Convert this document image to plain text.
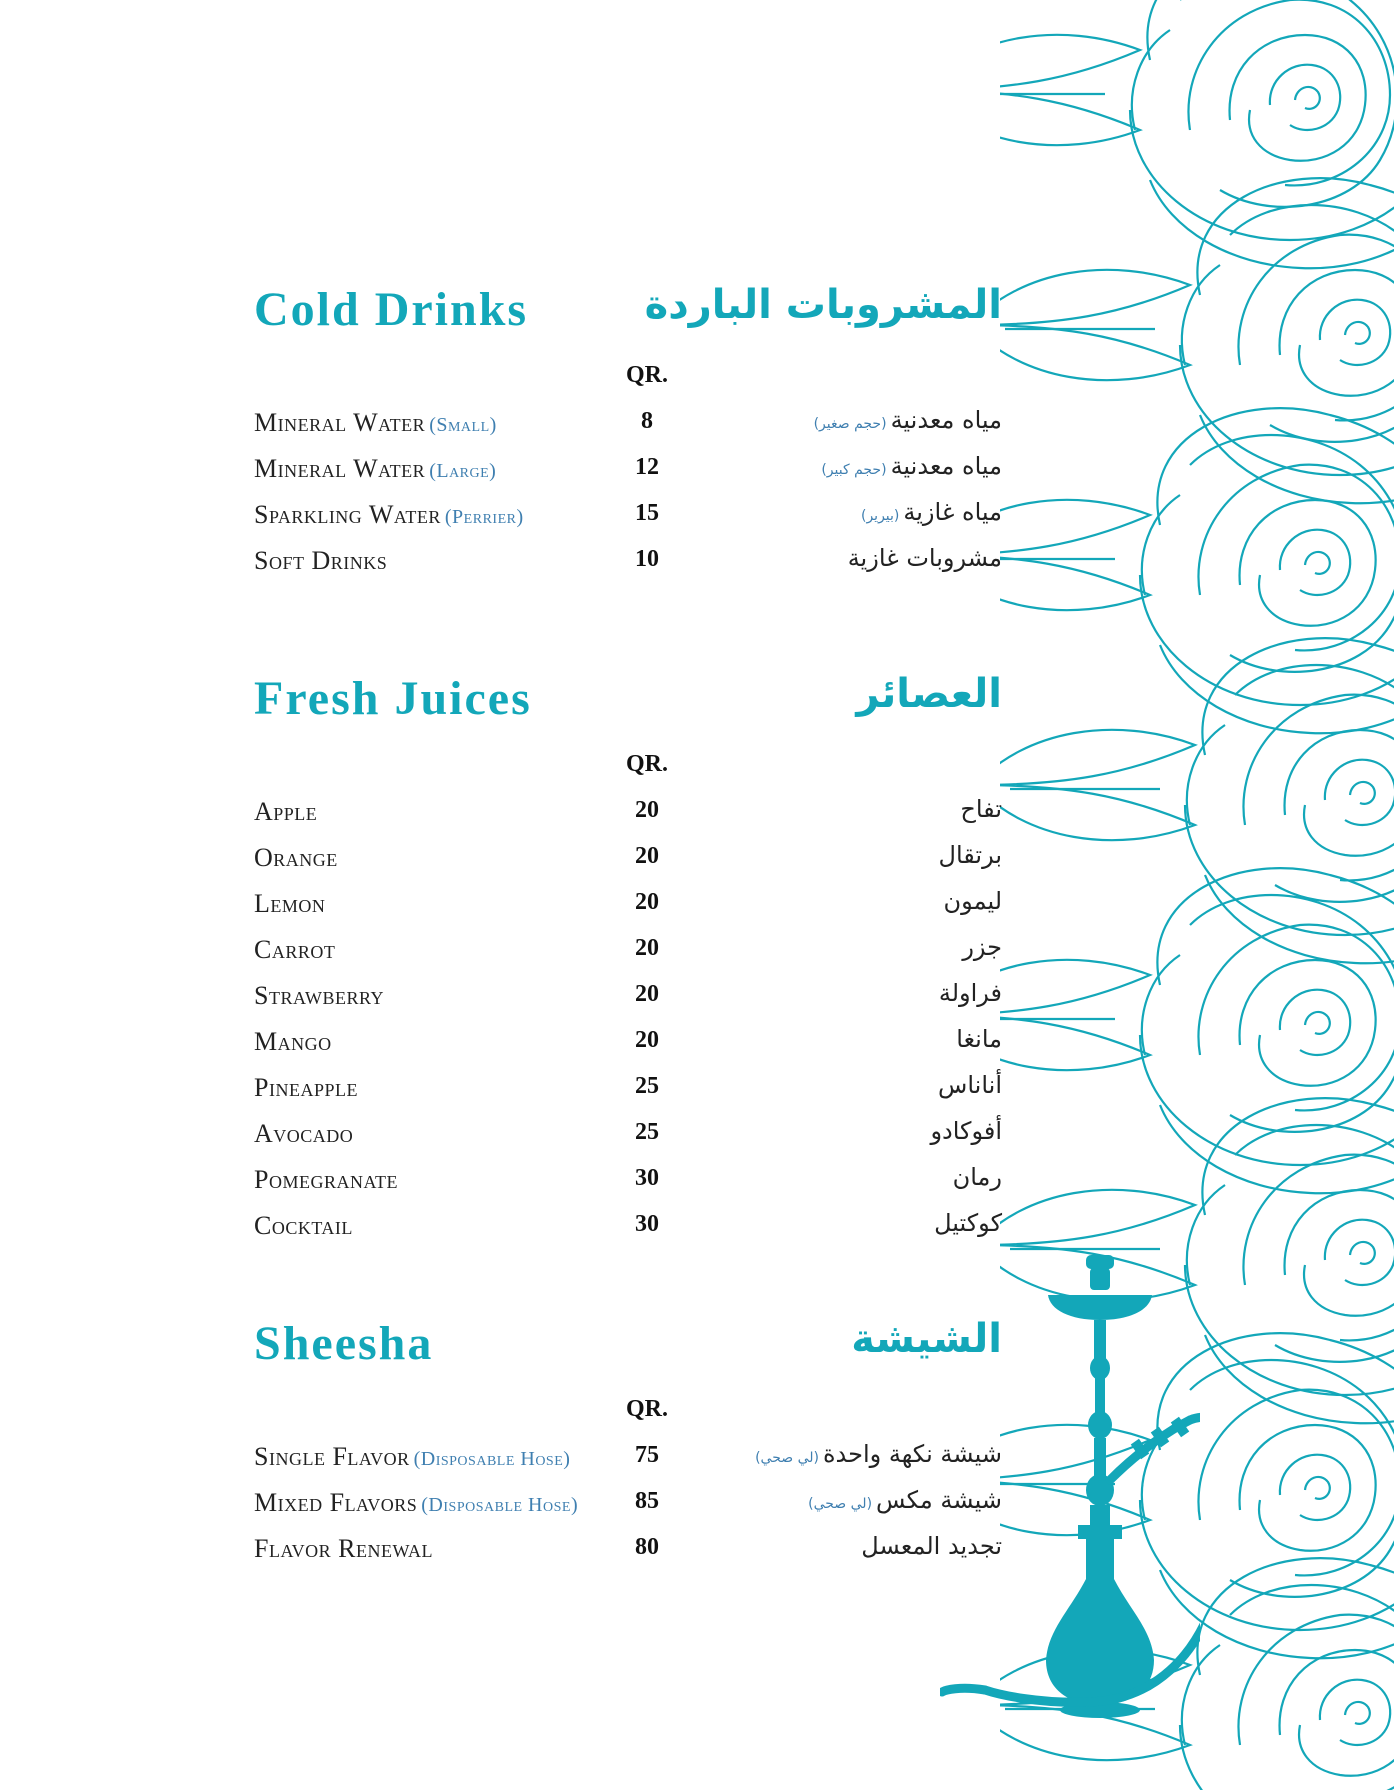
Cold Drinks	المشروبات الباردة
QR.
Mineral Water (Small)	8	مياه معدنية(حجم صغير)
Mineral Water (Large)	12	مياه معدنية(حجم كبير)
Sparkling Water (Perrier)	15	مياه غازية(بيرير)
Soft Drinks	10	مشروبات غازية
Fresh Juices	العصائر
QR.
Apple	20	تفاح
Orange	20	برتقال
Lemon	20	ليمون
Carrot	20	جزر
Strawberry	20	فراولة
Mango	20	مانغا
Pineapple	25	أناناس
Avocado	25	أفوكادو
Pomegranate	30	رمان
Cocktail	30	كوكتيل
Sheesha	الشيشة
QR.
Single Flavor (Disposable Hose)	75	شيشة نكهة واحدة(لي صحي)
Mixed Flavors (Disposable Hose)	85	شيشة مكس(لي صحي)
Flavor Renewal	80	تجديد المعسل
